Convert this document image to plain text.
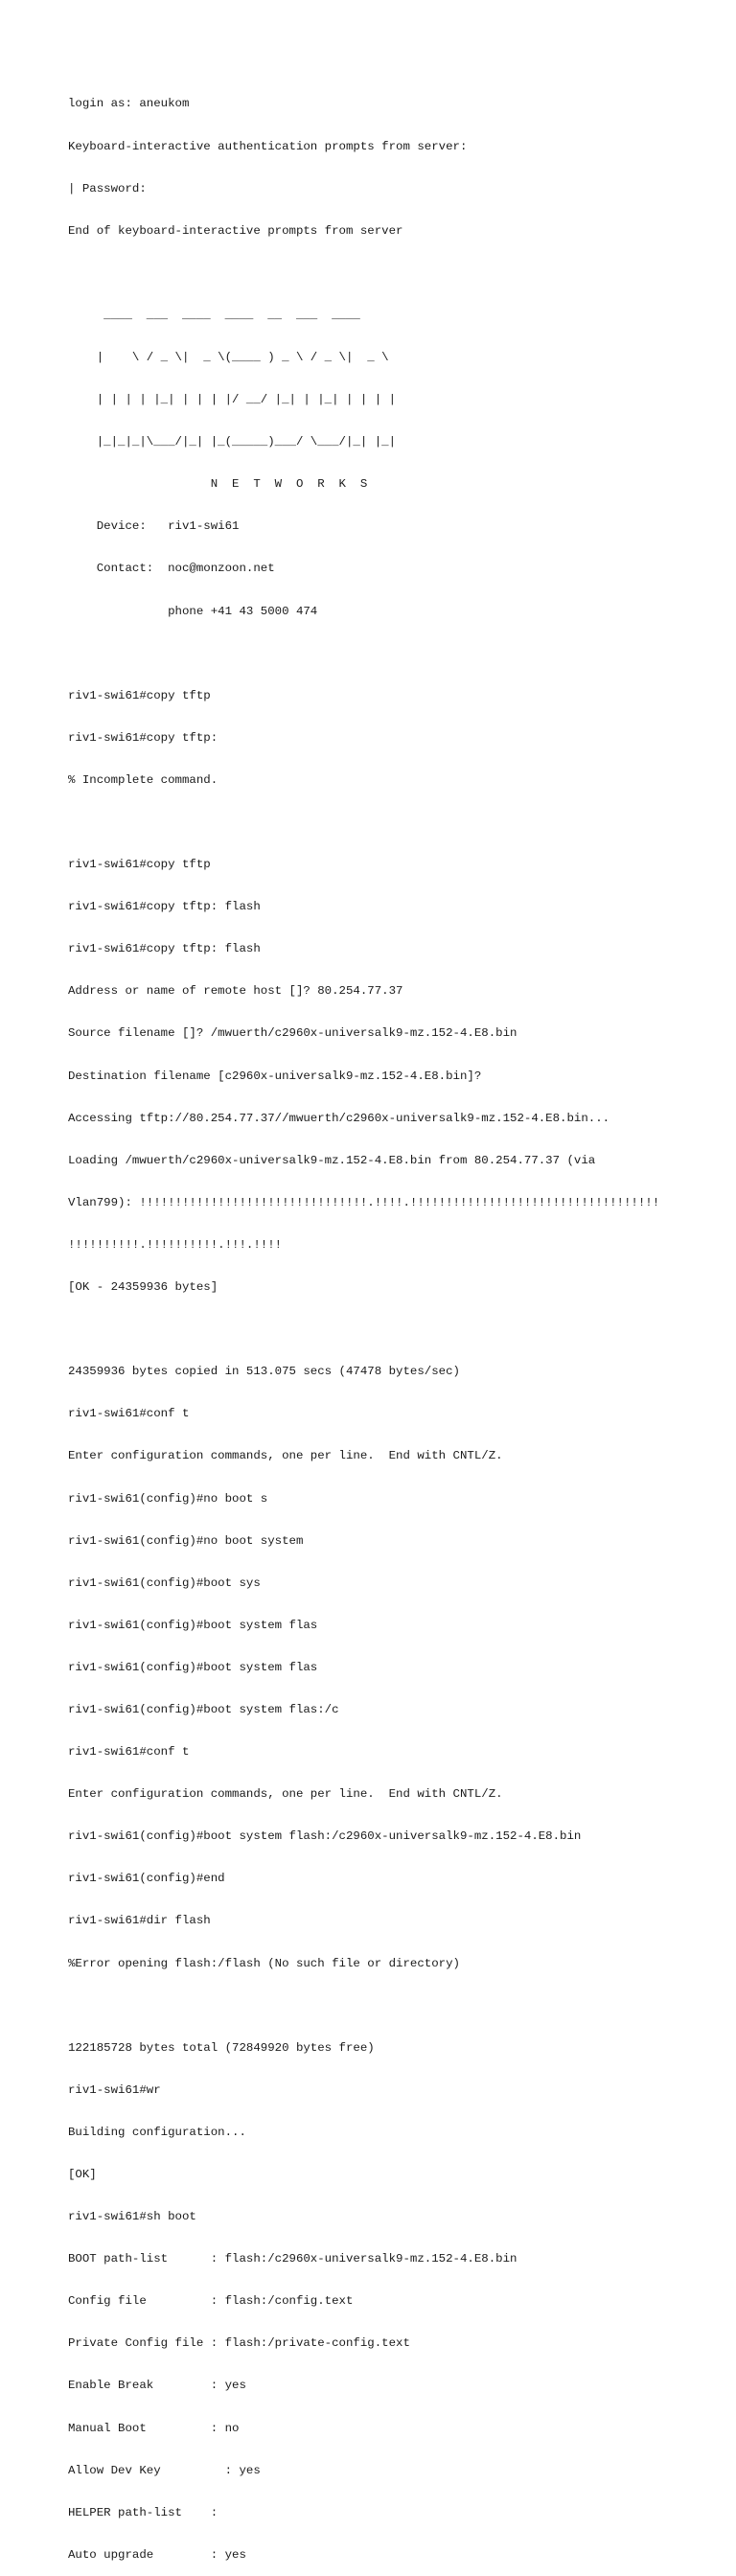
login as: aneukom

Keyboard-interactive authentication prompts from server:

| Password:

End of keyboard-interactive prompts from server

____  ___  ____  ____  __  ___  ____

|    \ / _ \|  _ \(____ ) _ \ / _ \|  _ \

| | | | |_| | | | |/ __/ |_| | |_| | | | |

|_|_|_|\___/|_| |_(_____)___/ \___/|_| |_|

N  E  T  W  O  R  K  S

Device:   riv1-swi61

Contact:  noc@monzoon.net

phone +41 43 5000 474

riv1-swi61#copy tftp

riv1-swi61#copy tftp:

% Incomplete command.

riv1-swi61#copy tftp

riv1-swi61#copy tftp: flash

riv1-swi61#copy tftp: flash

Address or name of remote host []? 80.254.77.37

Source filename []? /mwuerth/c2960x-universalk9-mz.152-4.E8.bin

Destination filename [c2960x-universalk9-mz.152-4.E8.bin]?

Accessing tftp://80.254.77.37//mwuerth/c2960x-universalk9-mz.152-4.E8.bin...

Loading /mwuerth/c2960x-universalk9-mz.152-4.E8.bin from 80.254.77.37 (via

Vlan799): !!!!!!!!!!!!!!!!!!!!!!!!!!!!!!!!.!!!!.!!!!!!!!!!!!!!!!!!!!!!!!!!!!!!!!!!!

!!!!!!!!!!.!!!!!!!!!!.!!!.!!!!

[OK - 24359936 bytes]

24359936 bytes copied in 513.075 secs (47478 bytes/sec)

riv1-swi61#conf t

Enter configuration commands, one per line.  End with CNTL/Z.

riv1-swi61(config)#no boot s

riv1-swi61(config)#no boot system

riv1-swi61(config)#boot sys

riv1-swi61(config)#boot system flas

riv1-swi61(config)#boot system flas

riv1-swi61(config)#boot system flas:/c

riv1-swi61#conf t

Enter configuration commands, one per line.  End with CNTL/Z.

riv1-swi61(config)#boot system flash:/c2960x-universalk9-mz.152-4.E8.bin

riv1-swi61(config)#end

riv1-swi61#dir flash

%Error opening flash:/flash (No such file or directory)

122185728 bytes total (72849920 bytes free)

riv1-swi61#wr

Building configuration...

[OK]

riv1-swi61#sh boot

BOOT path-list      : flash:/c2960x-universalk9-mz.152-4.E8.bin

Config file         : flash:/config.text

Private Config file : flash:/private-config.text

Enable Break        : yes

Manual Boot         : no

Allow Dev Key         : yes

HELPER path-list    :

Auto upgrade        : yes
